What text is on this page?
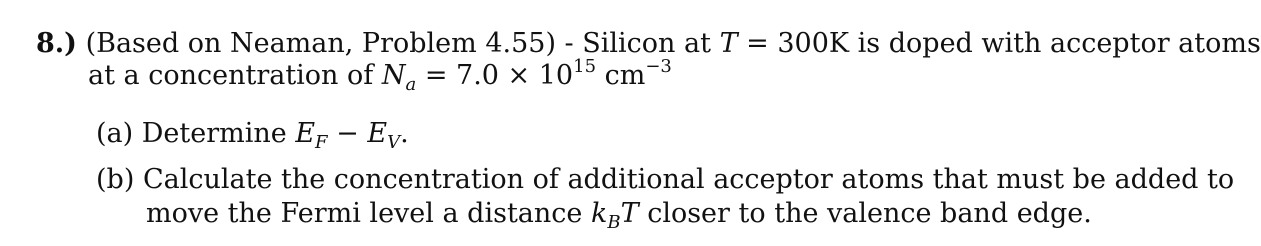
8.) (Based on Neaman, Problem 4.55) - Silicon at T = 300K is doped with acceptor atoms
at a concentration of $N_a = 7.0 \times 10^{15}$ $cm^{-3}$
(a) Determine $E_F - E_V$.
(b) Calculate the concentration of additional acceptor atoms that must be added to
move the Fermi level a distance $k_BT$ closer to the valence band edge.
